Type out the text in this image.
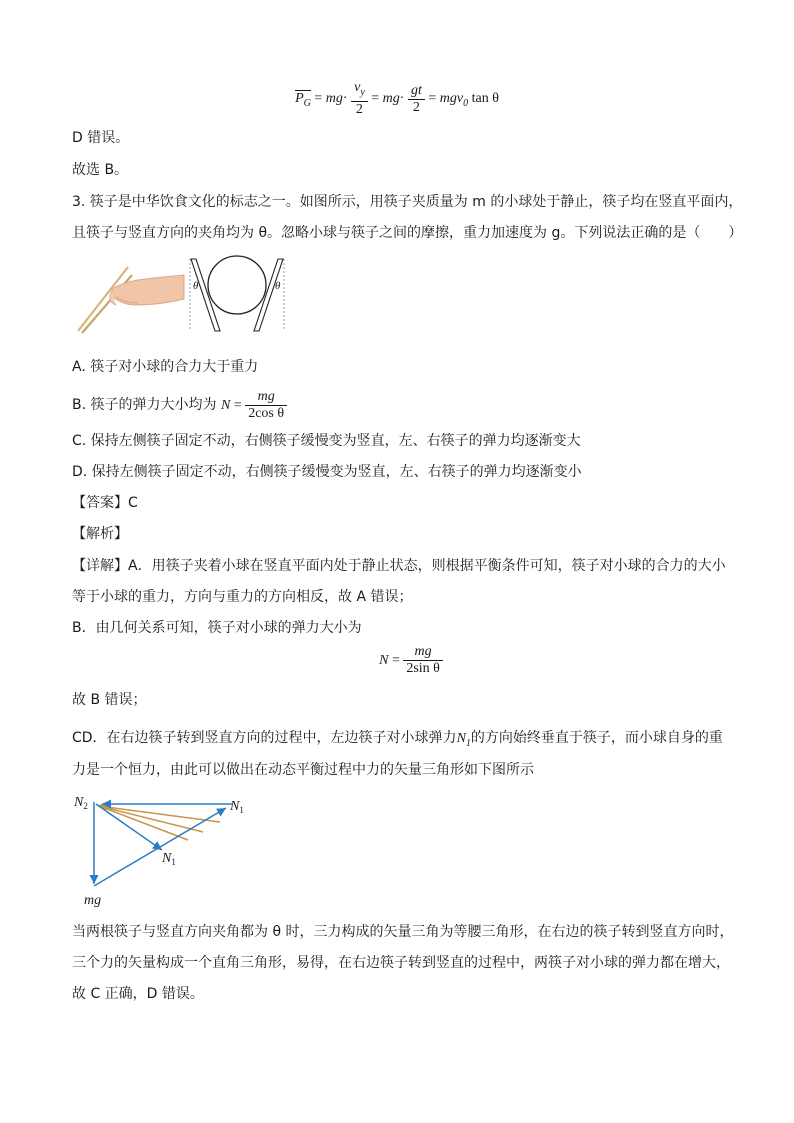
$P_G = mg\cdot \frac{v_y}{2} = mg\cdot \frac{gt}{2} = mgv_0$ tan θ
D 错误。
故选 B。
3. 筷子是中华饮食文化的标志之一。如图所示，用筷子夹质量为 m 的小球处于静止，筷子均在竖直平面内，
且筷子与竖直方向的夹角均为 θ。忽略小球与筷子之间的摩擦，重力加速度为 g。下列说法正确的是（　　）
θ	θ
A. 筷子对小球的合力大于重力
B. 筷子的弹力大小均为 $N = \frac{mg}{\text{2cos θ}}$
C. 保持左侧筷子固定不动，右侧筷子缓慢变为竖直，左、右筷子的弹力均逐渐变大
D. 保持左侧筷子固定不动，右侧筷子缓慢变为竖直，左、右筷子的弹力均逐渐变小
【答案】C
【解析】
【详解】A．用筷子夹着小球在竖直平面内处于静止状态，则根据平衡条件可知，筷子对小球的合力的大小
等于小球的重力，方向与重力的方向相反，故 A 错误；
B．由几何关系可知，筷子对小球的弹力大小为
$N = \frac{mg}{\text{2sin θ}}$
故 B 错误；
CD．在右边筷子转到竖直方向的过程中，左边筷子对小球弹力$N_1$的方向始终垂直于筷子，而小球自身的重
力是一个恒力，由此可以做出在动态平衡过程中力的矢量三角形如下图所示
$N_2$	$N_1$
$N_1$
mg
当两根筷子与竖直方向夹角都为 θ 时，三力构成的矢量三角为等腰三角形，在右边的筷子转到竖直方向时，
三个力的矢量构成一个直角三角形，易得，在右边筷子转到竖直的过程中，两筷子对小球的弹力都在增大，
故 C 正确，D 错误。
